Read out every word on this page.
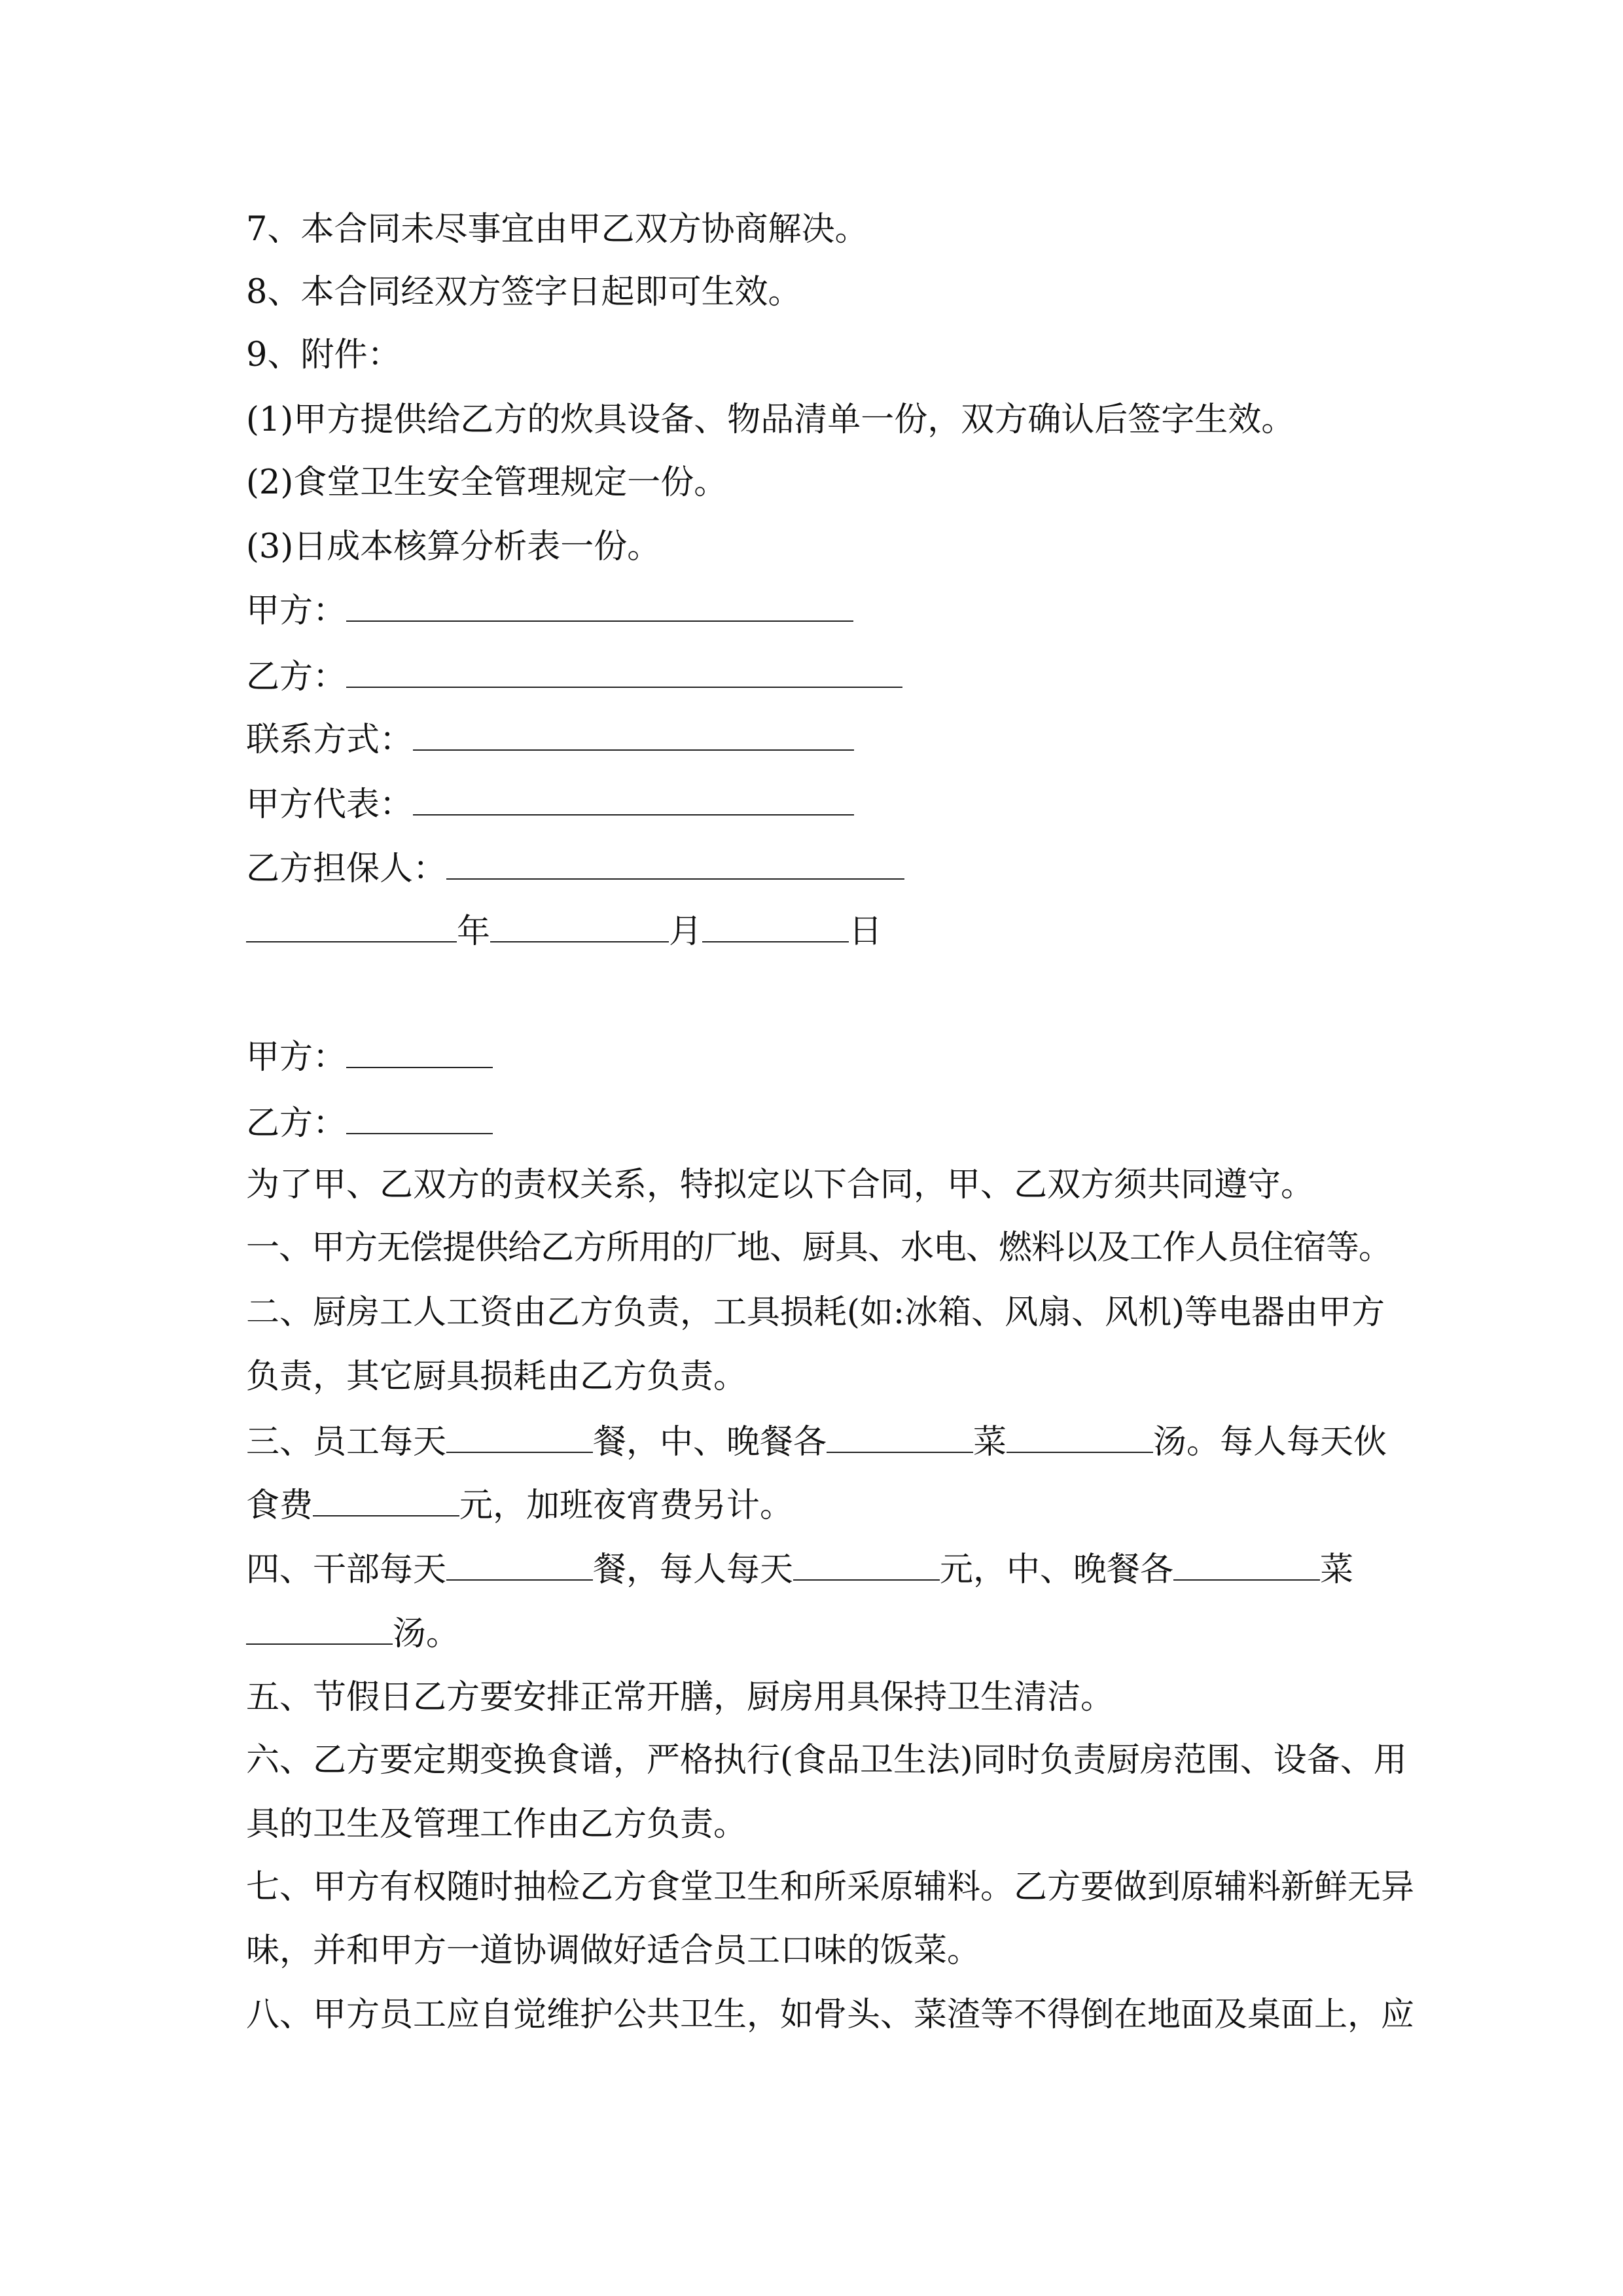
7、本合同未尽事宜由甲乙双方协商解决。
8、本合同经双方签字日起即可生效。
9、附件：
(1)甲方提供给乙方的炊具设备、物品清单一份，双方确认后签字生效。
(2)食堂卫生安全管理规定一份。
(3)日成本核算分析表一份。
甲方：
乙方：
联系方式：
甲方代表：
乙方担保人：
年	月	日
甲方：
乙方：
为了甲、乙双方的责权关系，特拟定以下合同，甲、乙双方须共同遵守。
一、甲方无偿提供给乙方所用的厂地、厨具、水电、燃料以及工作人员住宿等。
二、厨房工人工资由乙方负责，工具损耗(如:冰箱、风扇、风机)等电器由甲方
负责，其它厨具损耗由乙方负责。
三、员工每天	餐，中、晚餐各	菜	汤。每人每天伙
食费	元，加班夜宵费另计。
四、干部每天	餐，每人每天	元，中、晚餐各	菜
汤。
五、节假日乙方要安排正常开膳，厨房用具保持卫生清洁。
六、乙方要定期变换食谱，严格执行(食品卫生法)同时负责厨房范围、设备、用
具的卫生及管理工作由乙方负责。
七、甲方有权随时抽检乙方食堂卫生和所采原辅料。乙方要做到原辅料新鲜无异
味，并和甲方一道协调做好适合员工口味的饭菜。
八、甲方员工应自觉维护公共卫生，如骨头、菜渣等不得倒在地面及桌面上，应
